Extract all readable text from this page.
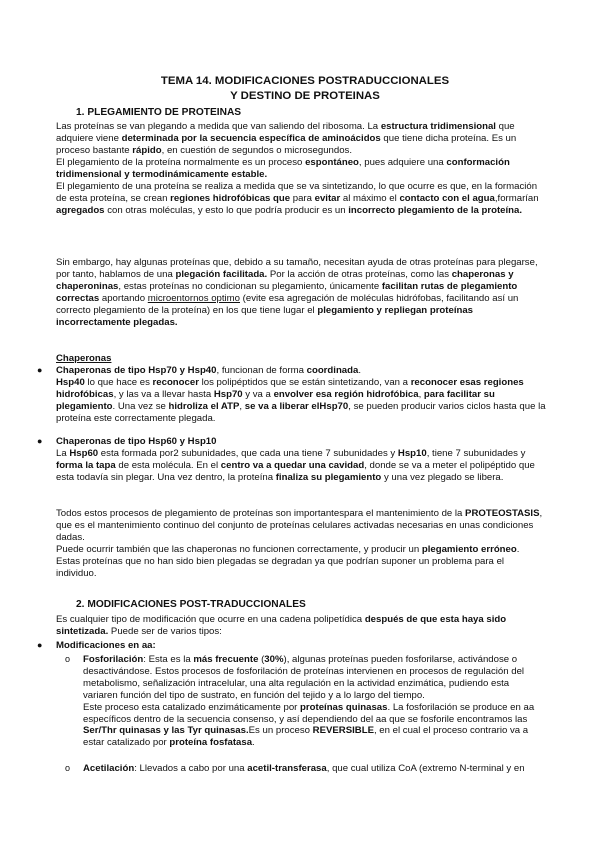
TEMA 14. MODIFICACIONES POSTRADUCCIONALES
Y DESTINO DE PROTEINAS

1. PLEGAMIENTO DE PROTEINAS

Las proteínas se van plegando a medida que van saliendo del ribosoma. La estructura tridimensional que adquiere viene determinada por la secuencia específica de aminoácidos que tiene dicha proteína. Es un proceso bastante rápido, en cuestión de segundos o microsegundos.

El plegamiento de la proteína normalmente es un proceso espontáneo, pues adquiere una conformación tridimensional y termodinámicamente estable.

El plegamiento de una proteína se realiza a medida que se va sintetizando, lo que ocurre es que, en la formación de esta proteína, se crean regiones hidrofóbicas que para evitar al máximo el contacto con el agua,formarían agregados con otras moléculas, y esto lo que podría producir es un incorrecto plegamiento de la proteína.

Sin embargo, hay algunas proteínas que, debido a su tamaño, necesitan ayuda de otras proteínas para plegarse, por tanto, hablamos de una plegación facilitada. Por la acción de otras proteínas, como las chaperonas y chaperoninas, estas proteínas no condicionan su plegamiento, únicamente facilitan rutas de plegamiento correctas aportando microentornos optimo (evite esa agregación de moléculas hidrófobas, facilitando así un correcto plegamiento de la proteína) en los que tiene lugar el plegamiento y repliegan proteínas incorrectamente plegadas.

Chaperonas

● Chaperonas de tipo Hsp70 y Hsp40, funcionan de forma coordinada.

Hsp40 lo que hace es reconocer los polipéptidos que se están sintetizando, van a reconocer esas regiones hidrofóbicas, y las va a llevar hasta Hsp70 y va a envolver esa región hidrofóbica, para facilitar su plegamiento. Una vez se hidroliza el ATP, se va a liberar elHsp70, se pueden producir varios ciclos hasta que la proteína este correctamente plegada.

● Chaperonas de tipo Hsp60 y Hsp10

La Hsp60 esta formada por2 subunidades, que cada una tiene 7 subunidades y Hsp10, tiene 7 subunidades y forma la tapa de esta molécula. En el centro va a quedar una cavidad, donde se va a meter el polipéptido que esta todavía sin plegar. Una vez dentro, la proteína finaliza su plegamiento y una vez plegado se libera.

Todos estos procesos de plegamiento de proteínas son importantespara el mantenimiento de la PROTEOSTASIS, que es el mantenimiento continuo del conjunto de proteínas celulares activadas necesarias en unas condiciones dadas.

Puede ocurrir también que las chaperonas no funcionen correctamente, y producir un plegamiento erróneo. Estas proteínas que no han sido bien plegadas se degradan ya que podrían suponer un problema para el individuo.

2. MODIFICACIONES POST-TRADUCCIONALES

Es cualquier tipo de modificación que ocurre en una cadena polipetídica después de que esta haya sido sintetizada. Puede ser de varios tipos:

● Modificaciones en aa:

o Fosforilación: Esta es la más frecuente (30%), algunas proteínas pueden fosforilarse, activándose o desactivándose. Estos procesos de fosforilación de proteínas intervienen en procesos de regulación del metabolismo, señalización intracelular, una alta regulación en la actividad enzimática, pudiendo esta variaren función del tipo de sustrato, en función del tejido y a lo largo del tiempo.

Este proceso esta catalizado enzimáticamente por proteínas quinasas. La fosforilación se produce en aa específicos dentro de la secuencia consenso, y así dependiendo del aa que se fosforile encontramos las Ser/Thr quinasas y las Tyr quinasas.Es un proceso REVERSIBLE, en el cual el proceso contrario va a estar catalizado por proteína fosfatasa.

o Acetilación: Llevados a cabo por una acetil-transferasa, que cual utiliza CoA (extremo N-terminal y en
